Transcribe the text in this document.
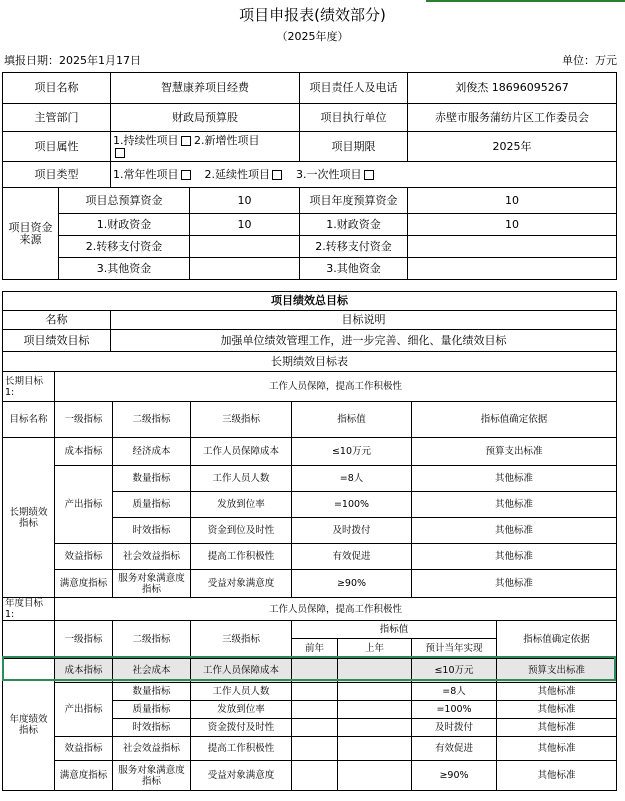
项目申报表(绩效部分)
（2025年度）
填报日期：2025年1月17日	单位：万元
项目名称		智慧康养项目经费		项目责任人及电话	刘俊杰 18696095267
主管部门		财政局预算股		项目执行单位	赤壁市服务蒲纺片区工作委员会
项目属性		1.持续性项目 2.新增性项目		项目期限	2025年
项目类型		1.常年性项目 2.延续性项目 3.一次性项目			
项目资金来源	项目总预算资金		10	项目年度预算资金	10
	1.财政资金		10	1.财政资金	10
	2.转移支付资金			2.转移支付资金	
	3.其他资金			3.其他资金	
项目绩效总目标	
名称	目标说明
项目绩效目标	加强单位绩效管理工作，进一步完善、细化、量化绩效目标
长期绩效目标表	
长期目标1:	工作人员保障，提高工作积极性				
目标名称	一级指标	二级指标	三级指标	指标值	指标值确定依据
长期绩效指标	成本指标	经济成本	工作人员保障成本	≤10万元	预算支出标准
	产出指标	数量指标	工作人员人数	=8人	其他标准
		质量指标	发放到位率	=100%	其他标准
		时效指标	资金到位及时性	及时拨付	其他标准
	效益指标	社会效益指标	提高工作积极性	有效促进	其他标准
	满意度指标	服务对象满意度指标	受益对象满意度	≥90%	其他标准
年度目标1:	工作人员保障，提高工作积极性						
	一级指标	二级指标	三级指标	指标值			指标值确定依据
				前年	上年	预计当年实现	
年度绩效指标	成本指标	社会成本	工作人员保障成本			≤10万元	预算支出标准
	产出指标	数量指标	工作人员人数			=8人	其他标准
		质量指标	发放到位率			=100%	其他标准
		时效指标	资金拨付及时性			及时拨付	其他标准
	效益指标	社会效益指标	提高工作积极性			有效促进	其他标准
	满意度指标	服务对象满意度指标	受益对象满意度			≥90%	其他标准
